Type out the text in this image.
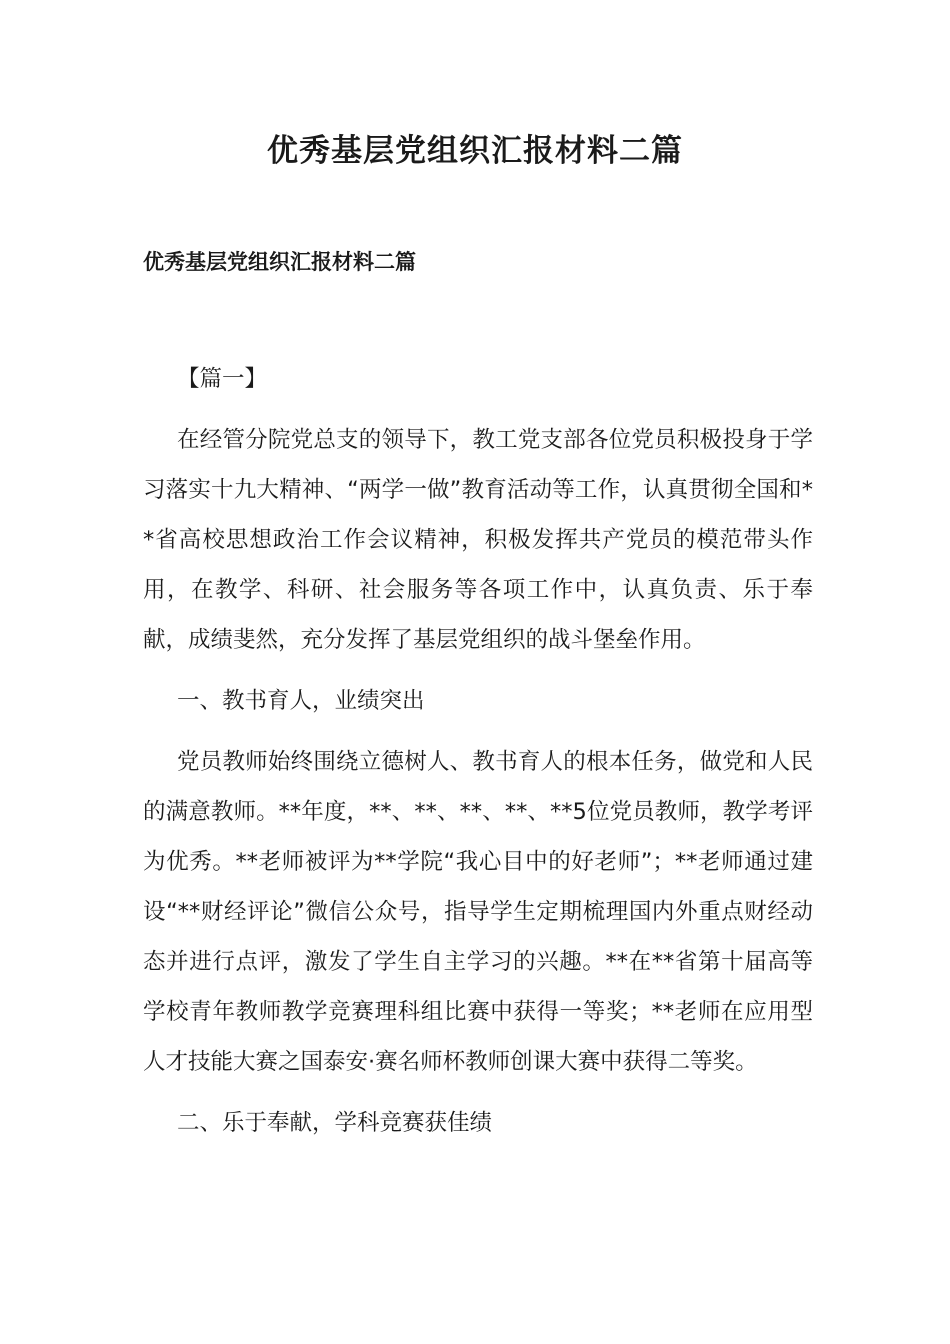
优秀基层党组织汇报材料二篇
优秀基层党组织汇报材料二篇

【篇一】

在经管分院党总支的领导下，教工党支部各位党员积极投身于学习落实十九大精神、“两学一做”教育活动等工作，认真贯彻全国和**省高校思想政治工作会议精神，积极发挥共产党员的模范带头作用，在教学、科研、社会服务等各项工作中，认真负责、乐于奉献，成绩斐然，充分发挥了基层党组织的战斗堡垒作用。

一、教书育人，业绩突出

党员教师始终围绕立德树人、教书育人的根本任务，做党和人民的满意教师。**年度，**、**、**、**、**5位党员教师，教学考评为优秀。**老师被评为**学院“我心目中的好老师”；**老师通过建设“**财经评论”微信公众号，指导学生定期梳理国内外重点财经动态并进行点评，激发了学生自主学习的兴趣。**在**省第十届高等学校青年教师教学竞赛理科组比赛中获得一等奖；**老师在应用型人才技能大赛之国泰安·赛名师杯教师创课大赛中获得二等奖。

二、乐于奉献，学科竞赛获佳绩
